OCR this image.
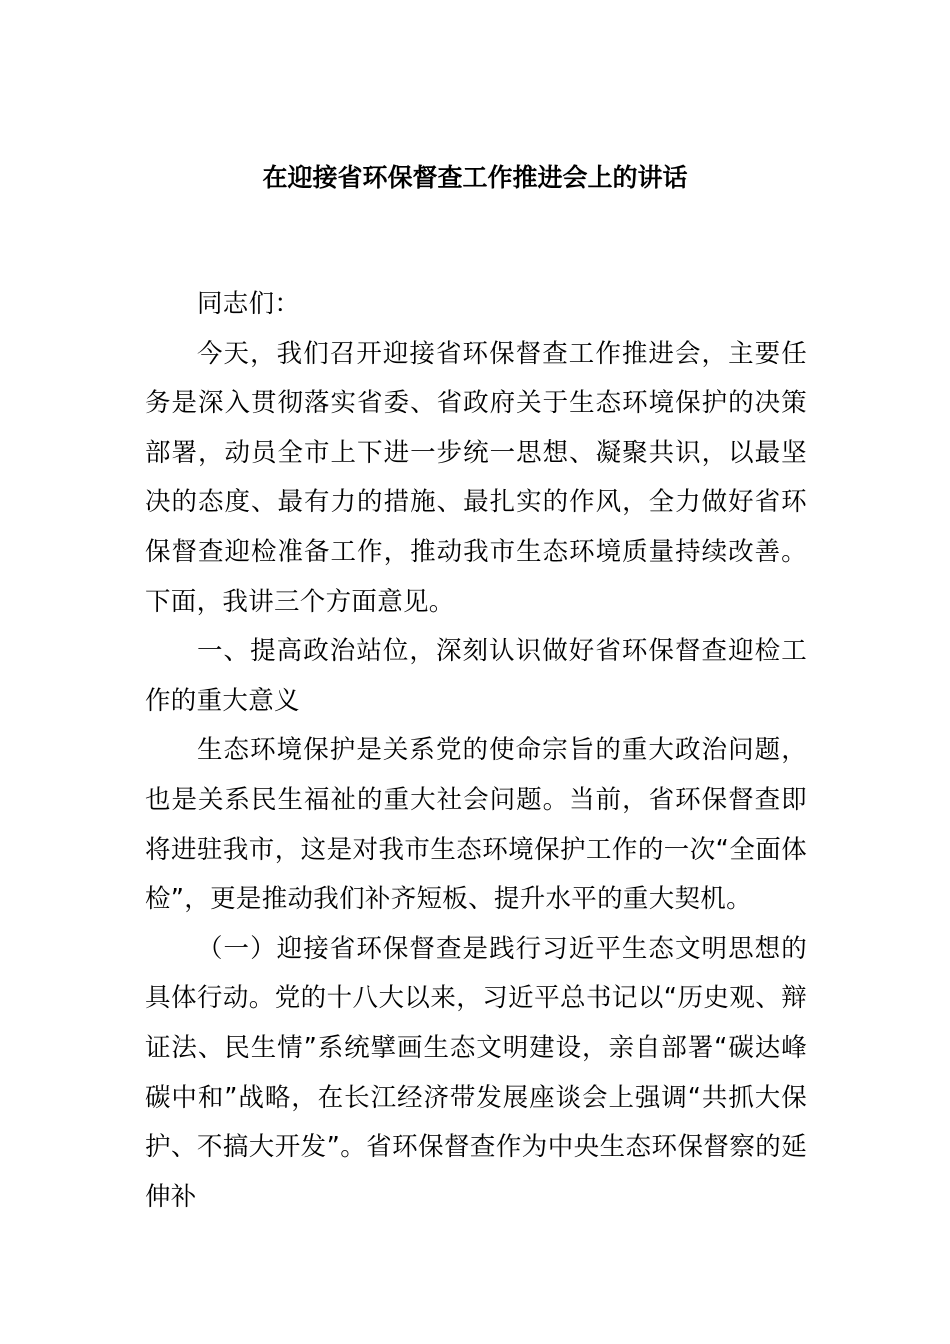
在迎接省环保督查工作推进会上的讲话

同志们：

今天，我们召开迎接省环保督查工作推进会，主要任务是深入贯彻落实省委、省政府关于生态环境保护的决策部署，动员全市上下进一步统一思想、凝聚共识，以最坚决的态度、最有力的措施、最扎实的作风，全力做好省环保督查迎检准备工作，推动我市生态环境质量持续改善。下面，我讲三个方面意见。

一、提高政治站位，深刻认识做好省环保督查迎检工作的重大意义

生态环境保护是关系党的使命宗旨的重大政治问题，也是关系民生福祉的重大社会问题。当前，省环保督查即将进驻我市，这是对我市生态环境保护工作的一次“全面体检”，更是推动我们补齐短板、提升水平的重大契机。

（一）迎接省环保督查是践行习近平生态文明思想的具体行动。党的十八大以来，习近平总书记以“历史观、辩证法、民生情”系统擘画生态文明建设，亲自部署“碳达峰碳中和”战略，在长江经济带发展座谈会上强调“共抓大保护、不搞大开发”。省环保督查作为中央生态环保督察的延伸补
